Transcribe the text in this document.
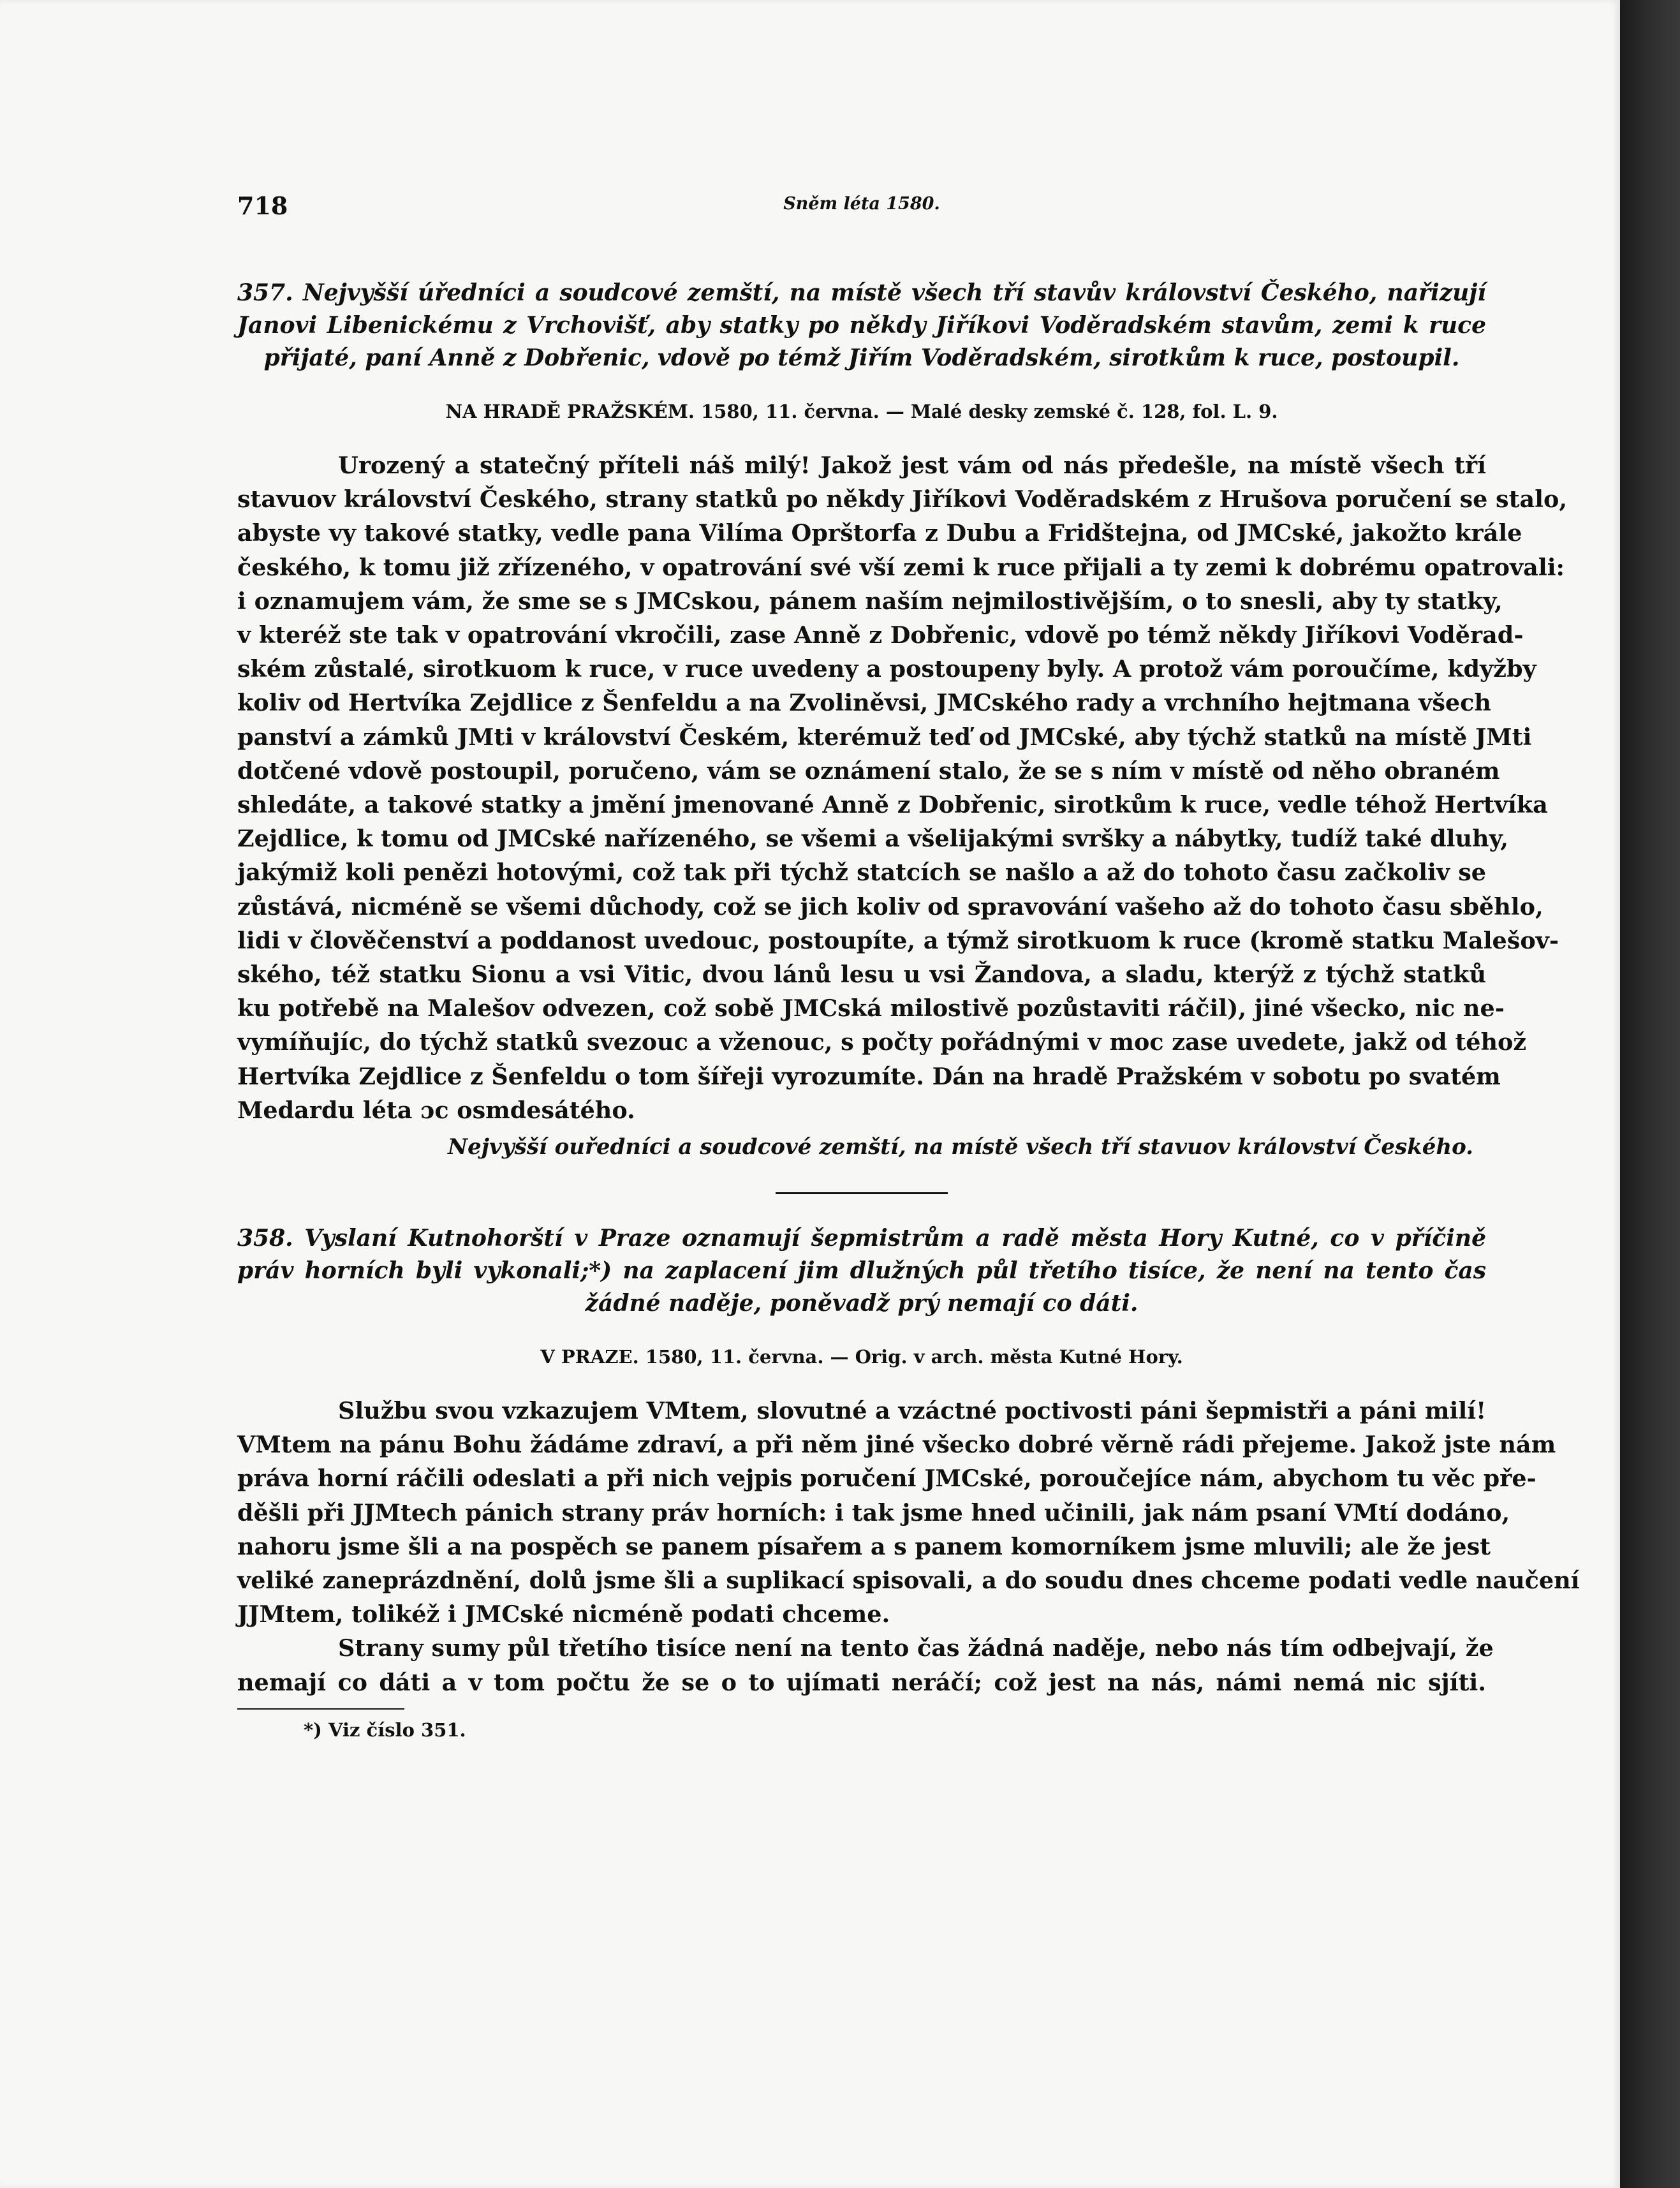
718	Sněm léta 1580.

357. Nejvyšší úředníci a soudcové zemští, na místě všech tří stavův království Českého, nařizují Janovi Libenickému z Vrchovišť, aby statky po někdy Jiříkovi Voděradském stavům, zemi k ruce přijaté, paní Anně z Dobřenic, vdově po témž Jiřím Voděradském, sirotkům k ruce, postoupil.

NA HRADĚ PRAŽSKÉM. 1580, 11. června. — Malé desky zemské č. 128, fol. L. 9.
Urozený a statečný příteli náš milý! Jakož jest vám od nás předešle, na místě všech tří
stavuov království Českého, strany statků po někdy Jiříkovi Voděradském z Hrušova poručení se stalo,
abyste vy takové statky, vedle pana Vilíma Oprštorfa z Dubu a Fridštejna, od JMCské, jakožto krále
českého, k tomu již zřízeného, v opatrování své vší zemi k ruce přijali a ty zemi k dobrému opatrovali:
i oznamujem vám, že sme se s JMCskou, pánem naším nejmilostivějším, o to snesli, aby ty statky,
v kteréž ste tak v opatrování vkročili, zase Anně z Dobřenic, vdově po témž někdy Jiříkovi Voděrad-
ském zůstalé, sirotkuom k ruce, v ruce uvedeny a postoupeny byly. A protož vám poroučíme, kdyžby
koliv od Hertvíka Zejdlice z Šenfeldu a na Zvoliněvsi, JMCského rady a vrchního hejtmana všech
panství a zámků JMti v království Českém, kterémuž teď od JMCské, aby týchž statků na místě JMti
dotčené vdově postoupil, poručeno, vám se oznámení stalo, že se s ním v místě od něho obraném
shledáte, a takové statky a jmění jmenované Anně z Dobřenic, sirotkům k ruce, vedle téhož Hertvíka
Zejdlice, k tomu od JMCské nařízeného, se všemi a všelijakými svršky a nábytky, tudíž také dluhy,
jakýmiž koli penězi hotovými, což tak při týchž statcích se našlo a až do tohoto času začkoliv se
zůstává, nicméně se všemi důchody, což se jich koliv od spravování vašeho až do tohoto času sběhlo,
lidi v člověčenství a poddanost uvedouc, postoupíte, a týmž sirotkuom k ruce (kromě statku Malešov-
ského, též statku Sionu a vsi Vitic, dvou lánů lesu u vsi Žandova, a sladu, kterýž z týchž statků
ku potřebě na Malešov odvezen, což sobě JMCská milostivě pozůstaviti ráčil), jiné všecko, nic ne-
vymíňujíc, do týchž statků svezouc a vženouc, s počty pořádnými v moc zase uvedete, jakž od téhož
Hertvíka Zejdlice z Šenfeldu o tom šířeji vyrozumíte. Dán na hradě Pražském v sobotu po svatém
Medardu léta ɔc osmdesátého.
Nejvyšší ouředníci a soudcové zemští, na místě všech tří stavuov království Českého.

358. Vyslaní Kutnohorští v Praze oznamují šepmistrům a radě města Hory Kutné, co v příčině práv horních byli vykonali;*) na zaplacení jim dlužných půl třetího tisíce, že není na tento čas žádné naděje, poněvadž prý nemají co dáti.

V PRAZE. 1580, 11. června. — Orig. v arch. města Kutné Hory.
Službu svou vzkazujem VMtem, slovutné a vzáctné poctivosti páni šepmistři a páni milí!
VMtem na pánu Bohu žádáme zdraví, a při něm jiné všecko dobré věrně rádi přejeme. Jakož jste nám
práva horní ráčili odeslati a při nich vejpis poručení JMCské, poroučejíce nám, abychom tu věc pře-
děšli při JJMtech pánich strany práv horních: i tak jsme hned učinili, jak nám psaní VMtí dodáno,
nahoru jsme šli a na pospěch se panem písařem a s panem komorníkem jsme mluvili; ale že jest
veliké zaneprázdnění, dolů jsme šli a suplikací spisovali, a do soudu dnes chceme podati vedle naučení
JJMtem, tolikéž i JMCské nicméně podati chceme.
Strany sumy půl třetího tisíce není na tento čas žádná naděje, nebo nás tím odbejvají, že
nemají co dáti a v tom počtu že se o to ujímati neráčí; což jest na nás, námi nemá nic sjíti.
*) Viz číslo 351.
